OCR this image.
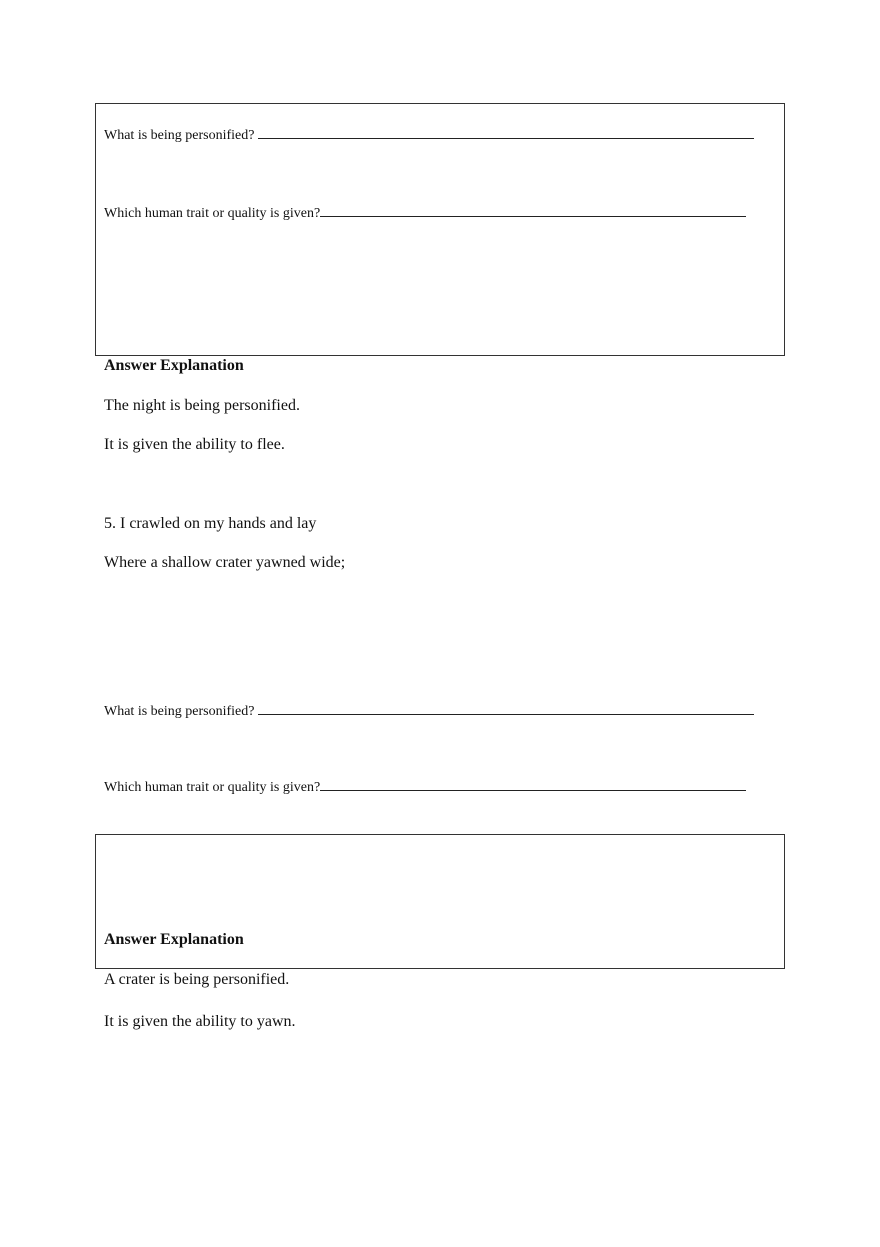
What is being personified?
Which human trait or quality is given?
Answer Explanation
The night is being personified.
It is given the ability to flee.
5. I crawled on my hands and lay
Where a shallow crater yawned wide;
What is being personified?
Which human trait or quality is given?
Answer Explanation
A crater is being personified.
It is given the ability to yawn.
